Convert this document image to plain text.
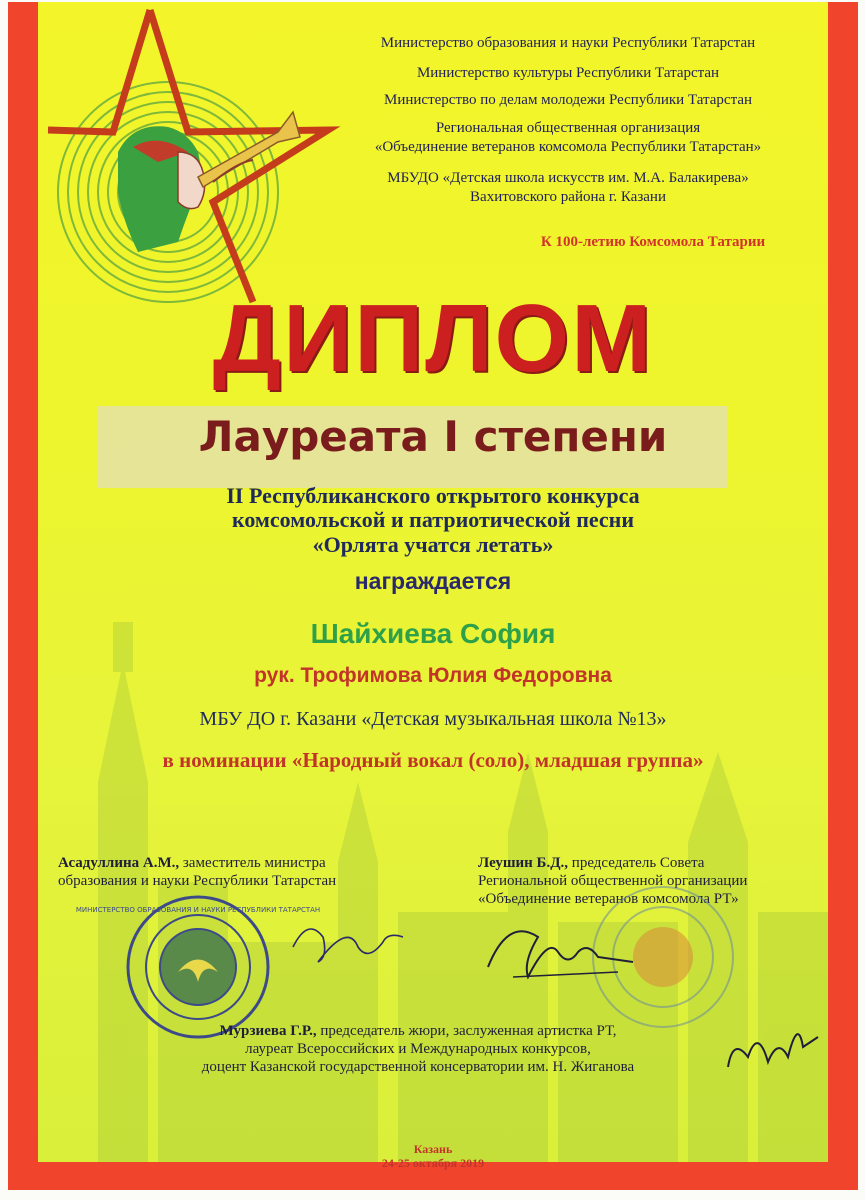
Министерство образования и науки Республики Татарстан

Министерство культуры Республики Татарстан

Министерство по делам молодежи Республики Татарстан

Региональная общественная организация

«Объединение ветеранов комсомола Республики Татарстан»

МБУДО «Детская школа искусств им. М.А. Балакирева»

Вахитовского района г. Казани

К 100-летию Комсомола Татарии

ДИПЛОМ

Лауреата I степени

II Республиканского открытого конкурса

комсомольской и патриотической песни

«Орлята учатся летать»

награждается

Шайхиева София

рук. Трофимова Юлия Федоровна

МБУ ДО г. Казани «Детская музыкальная школа №13»

в номинации «Народный вокал (соло), младшая группа»

Асадуллина А.М., заместитель министра
образования и науки Республики Татарстан
Леушин Б.Д., председатель Совета
Региональной общественной организации
«Объединение ветеранов комсомола РТ»
МИНИСТЕРСТВО ОБРАЗОВАНИЯ И НАУКИ РЕСПУБЛИКИ ТАТАРСТАН
Мурзиева Г.Р., председатель жюри, заслуженная артистка РТ,
лауреат Всероссийских и Международных конкурсов,
доцент Казанской государственной консерватории им. Н. Жиганова
Казань
24-25 октября 2019
